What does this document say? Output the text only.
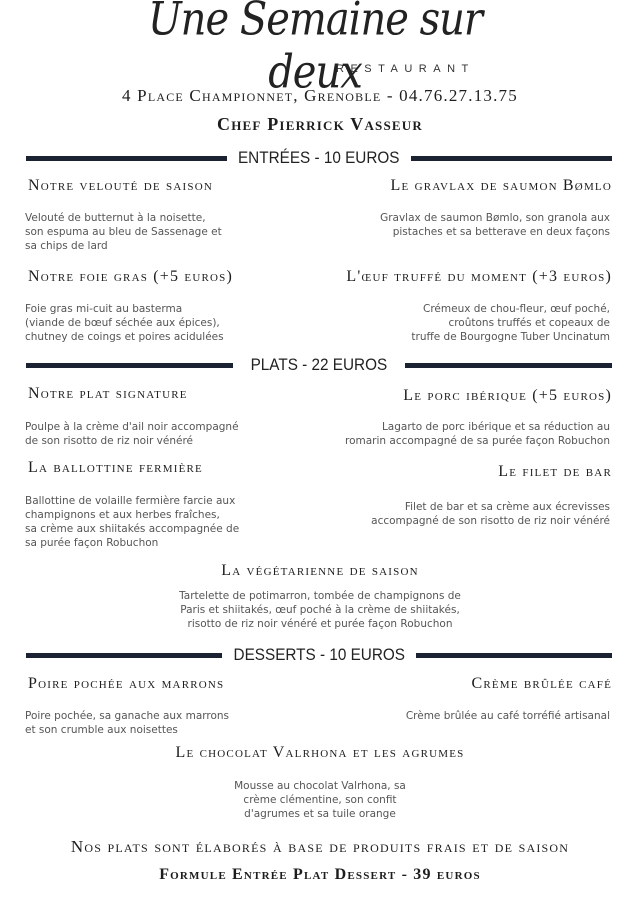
Une Semaine sur deux
RESTAURANT
4 Place Championnet, Grenoble - 04.76.27.13.75
Chef Pierrick Vasseur
ENTRÉES - 10 EUROS
Notre velouté de saison
Velouté de butternut à la noisette,
son espuma au bleu de Sassenage et
sa chips de lard
Le gravlax de saumon Bømlo
Gravlax de saumon Bømlo, son granola aux
pistaches et sa betterave en deux façons
Notre foie gras (+5 euros)
Foie gras mi-cuit au basterma
(viande de bœuf séchée aux épices),
chutney de coings et poires acidulées
L'œuf truffé du moment (+3 euros)
Crémeux de chou-fleur, œuf poché,
croûtons truffés et copeaux de
truffe de Bourgogne Tuber Uncinatum
PLATS - 22 EUROS
Notre plat signature
Poulpe à la crème d'ail noir accompagné
de son risotto de riz noir vénéré
Le porc ibérique (+5 euros)
Lagarto de porc ibérique et sa réduction au
romarin accompagné de sa purée façon Robuchon
La ballottine fermière
Ballottine de volaille fermière farcie aux
champignons et aux herbes fraîches,
sa crème aux shiitakés accompagnée de
sa purée façon Robuchon
Le filet de bar
Filet de bar et sa crème aux écrevisses
accompagné de son risotto de riz noir vénéré
La végétarienne de saison
Tartelette de potimarron, tombée de champignons de
Paris et shiitakés, œuf poché à la crème de shiitakés,
risotto de riz noir vénéré et purée façon Robuchon
DESSERTS - 10 EUROS
Poire pochée aux marrons
Poire pochée, sa ganache aux marrons
et son crumble aux noisettes
Crème brûlée café
Crème brûlée au café torréfié artisanal
Le chocolat Valrhona et les agrumes
Mousse au chocolat Valrhona, sa
crème clémentine, son confit
d'agrumes et sa tuile orange
Nos plats sont élaborés à base de produits frais et de saison
Formule Entrée Plat Dessert - 39 euros
